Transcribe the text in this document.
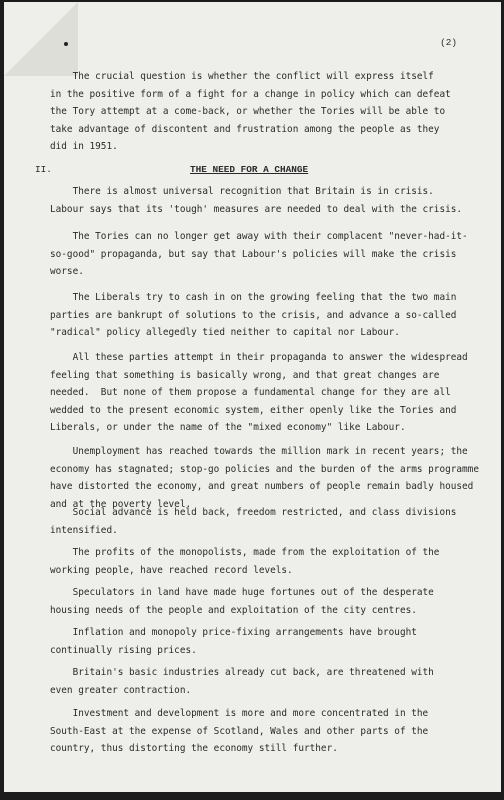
(2)
The crucial question is whether the conflict will express itself
in the positive form of a fight for a change in policy which can defeat
the Tory attempt at a come-back, or whether the Tories will be able to
take advantage of discontent and frustration among the people as they
did in 1951.
II.	THE NEED FOR A CHANGE
There is almost universal recognition that Britain is in crisis.
Labour says that its 'tough' measures are needed to deal with the crisis.
The Tories can no longer get away with their complacent "never-had-it-
so-good" propaganda, but say that Labour's policies will make the crisis
worse.
The Liberals try to cash in on the growing feeling that the two main
parties are bankrupt of solutions to the crisis, and advance a so-called
"radical" policy allegedly tied neither to capital nor Labour.
All these parties attempt in their propaganda to answer the widespread
feeling that something is basically wrong, and that great changes are
needed.  But none of them propose a fundamental change for they are all
wedded to the present economic system, either openly like the Tories and
Liberals, or under the name of the "mixed economy" like Labour.
Unemployment has reached towards the million mark in recent years; the
economy has stagnated; stop-go policies and the burden of the arms programme
have distorted the economy, and great numbers of people remain badly housed
and at the poverty level.
Social advance is held back, freedom restricted, and class divisions
intensified.
The profits of the monopolists, made from the exploitation of the
working people, have reached record levels.
Speculators in land have made huge fortunes out of the desperate
housing needs of the people and exploitation of the city centres.
Inflation and monopoly price-fixing arrangements have brought
continually rising prices.
Britain's basic industries already cut back, are threatened with
even greater contraction.
Investment and development is more and more concentrated in the
South-East at the expense of Scotland, Wales and other parts of the
country, thus distorting the economy still further.
